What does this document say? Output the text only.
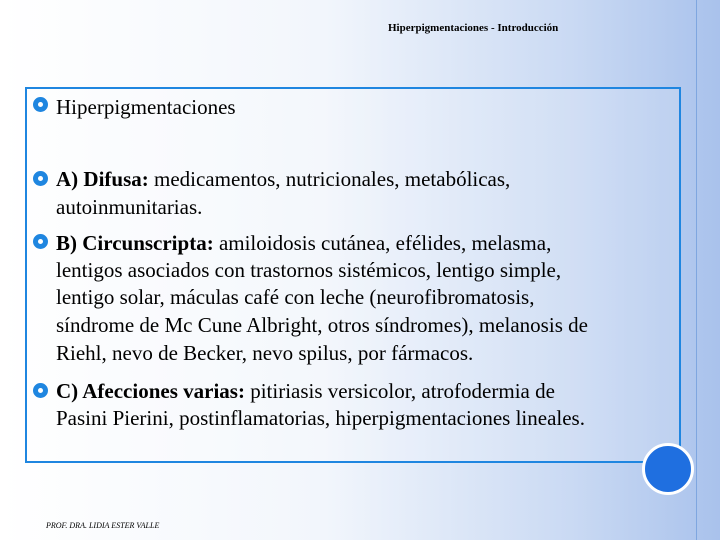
Hiperpigmentaciones - Introducción
Hiperpigmentaciones
A) Difusa: medicamentos, nutricionales, metabólicas,
autoinmunitarias.
B) Circunscripta: amiloidosis cutánea, efélides, melasma,
lentigos asociados con trastornos sistémicos, lentigo simple,
lentigo solar, máculas café con leche (neurofibromatosis,
síndrome de Mc Cune Albright, otros síndromes), melanosis de
Riehl, nevo de Becker, nevo spilus, por fármacos.
C) Afecciones varias: pitiriasis versicolor, atrofodermia de
Pasini Pierini, postinflamatorias, hiperpigmentaciones lineales.
PROF. DRA. LIDIA ESTER VALLE
